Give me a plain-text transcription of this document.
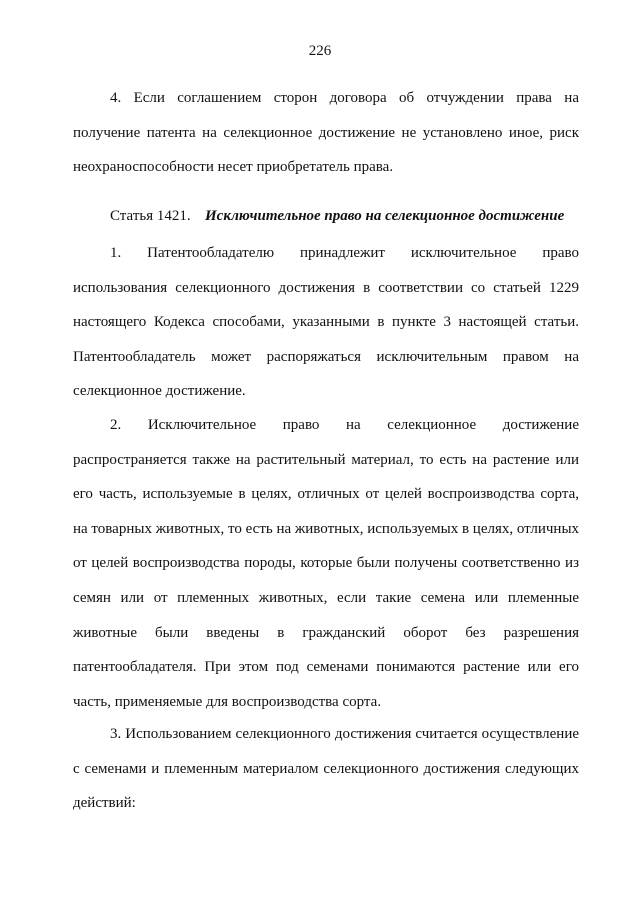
226

4. Если соглашением сторон договора об отчуждении права на получение патента на селекционное достижение не установлено иное, риск неохраноспособности несет приобретатель права.

Статья 1421. Исключительное право на селекционное достижение

1. Патентообладателю принадлежит исключительное право использования селекционного достижения в соответствии со статьей 1229 настоящего Кодекса способами, указанными в пункте 3 настоящей статьи. Патентообладатель может распоряжаться исключительным правом на селекционное достижение.

2. Исключительное право на селекционное достижение распространяется также на растительный материал, то есть на растение или его часть, используемые в целях, отличных от целей воспроизводства сорта, на товарных животных, то есть на животных, используемых в целях, отличных от целей воспроизводства породы, которые были получены соответственно из семян или от племенных животных, если такие семена или племенные животные были введены в гражданский оборот без разрешения патентообладателя. При этом под семенами понимаются растение или его часть, применяемые для воспроизводства сорта.

3. Использованием селекционного достижения считается осуществление с семенами и племенным материалом селекционного достижения следующих действий:
